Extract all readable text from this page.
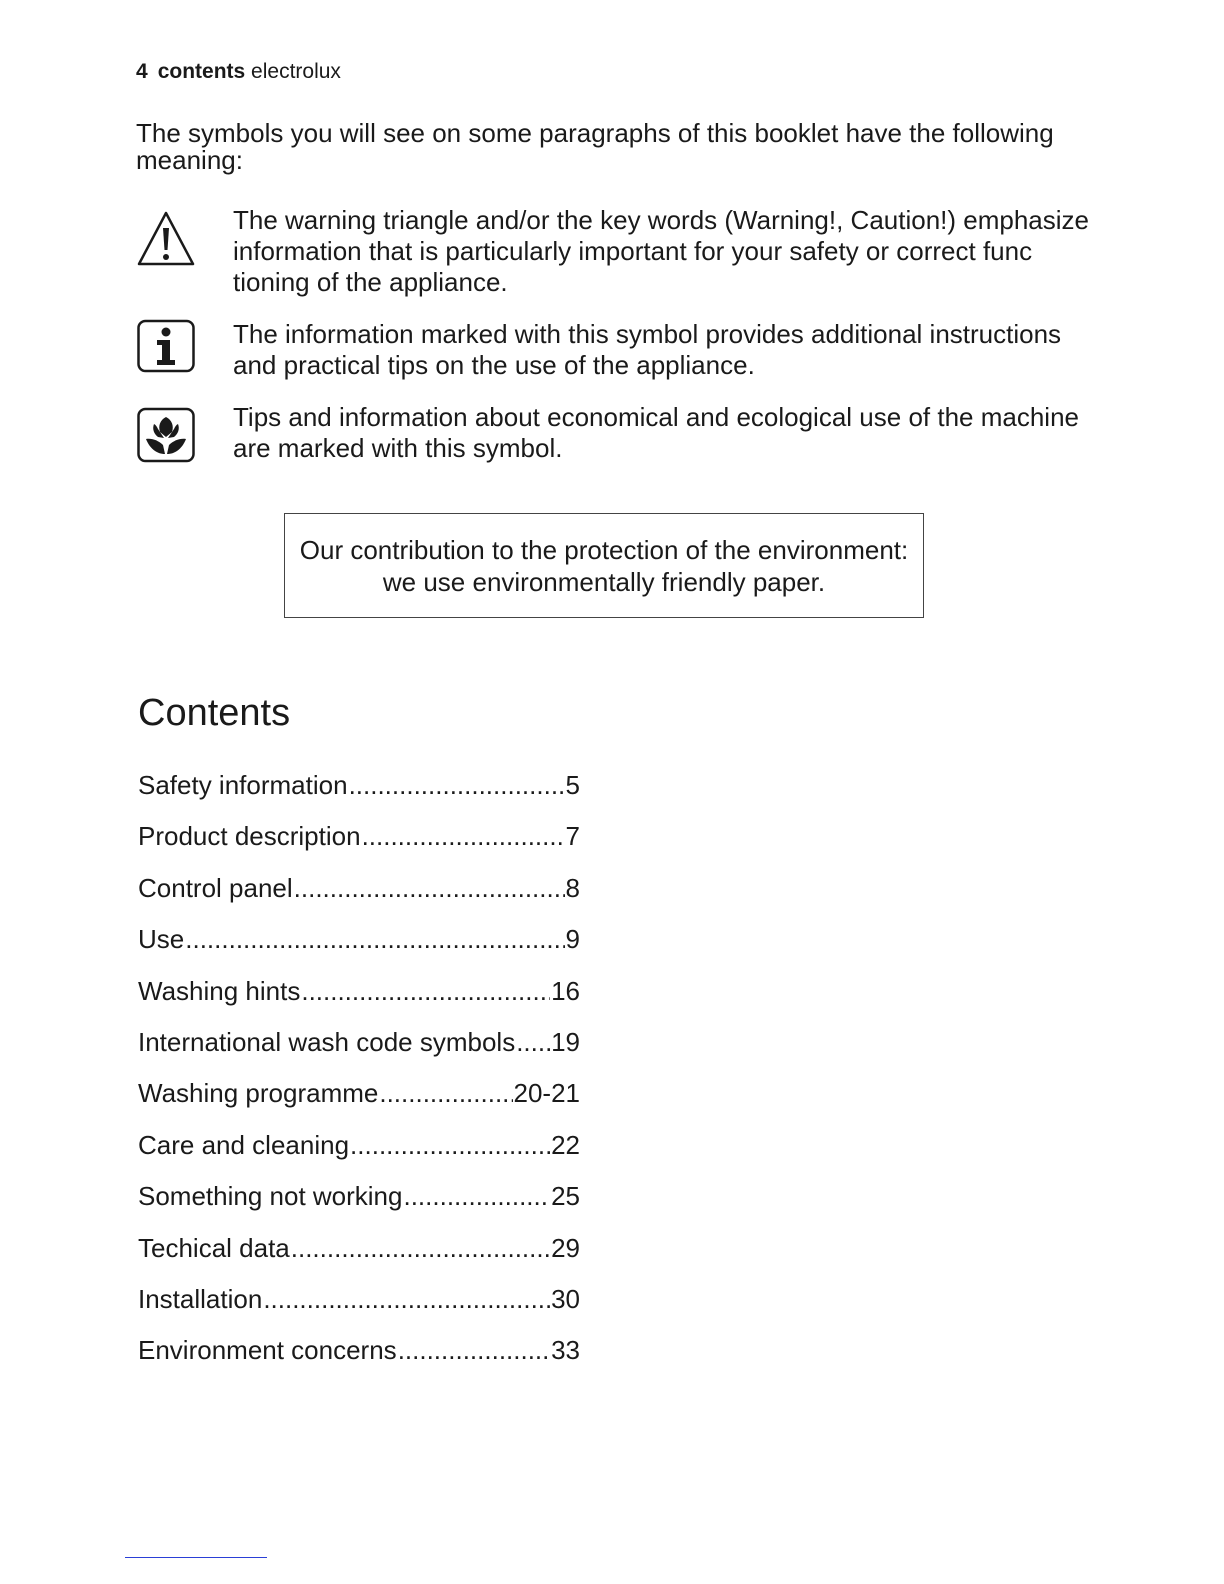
4 contents electrolux
The symbols you will see on some paragraphs of this booklet have the following meaning:
The warning triangle and/or the key words (Warning!, Caution!) emphasize information that is particularly important for your safety or correct func tioning of the appliance.
The information marked with this symbol provides additional instructions and practical tips on the use of the appliance.
Tips and information about economical and ecological use of the machine are marked with this symbol.
Our contribution to the protection of the environment:
we use environmentally friendly paper.
Contents
Safety information .....	5
Product description .....	7
Control panel .....	8
Use .....	9
Washing hints .....	16
International wash code symbols ..... 19
Washing programme .....	20-21
Care and cleaning .....	22
Something not working .....	25
Techical data .....	29
Installation .....	30
Environment concerns .....	33
